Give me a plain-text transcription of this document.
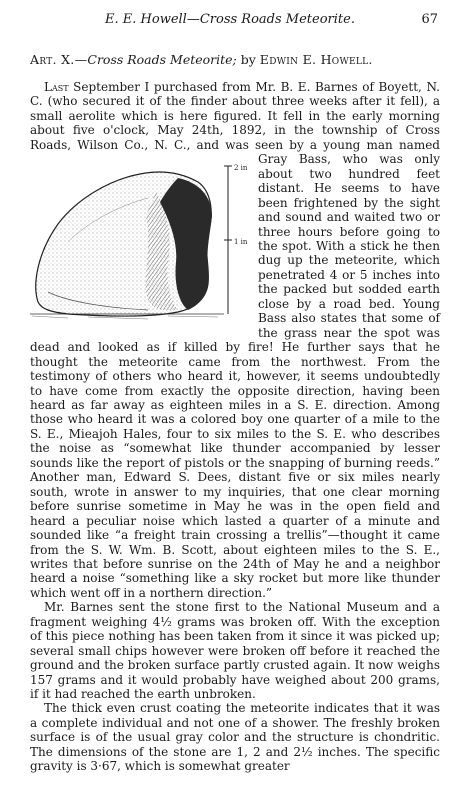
E. E. Howell—Cross Roads Meteorite.	67
Art. X.—Cross Roads Meteorite; by Edwin E. Howell.

Last September I purchased from Mr. B. E. Barnes of Boyett, N. C. (who secured it of the finder about three weeks after it fell), a small aerolite which is here figured. It fell in the early morning about five o'clock, May 24th, 1892, in the township of Cross Roads, Wilson Co., N. C., and was seen by
2 in
1 in
a young man named Gray Bass, who was only about two hundred feet distant. He seems to have been frightened by the sight and sound and waited two or three hours before going to the spot. With a stick he then dug up the meteorite, which penetrated 4 or 5 inches into the packed but sodded earth close by a road bed. Young Bass also states that some of the grass near the spot was dead and looked as if killed by fire! He further says that he thought the meteorite came from the northwest. From the testimony of others who heard it, however, it seems undoubtedly to have come from exactly the opposite direction, having been heard as far away as eighteen miles in a S. E. direction. Among those who heard it was a colored boy one quarter of a mile to the S. E., Mieajoh Hales, four to six miles to the S. E. who describes the noise as “somewhat like thunder accompanied by lesser sounds like the report of pistols or the snapping of burning reeds.” Another man, Edward S. Dees, distant five or six miles nearly south, wrote in answer to my inquiries, that one clear morning before sunrise sometime in May he was in the open field and heard a peculiar noise which lasted a quarter of a minute and sounded like “a freight train crossing a trellis”—thought it came from the S. W. Wm. B. Scott, about eighteen miles to the S. E., writes that before sunrise on the 24th of May he and a neighbor heard a noise “something like a sky rocket but more like thunder which went off in a northern direction.”

Mr. Barnes sent the stone first to the National Museum and a fragment weighing 4½ grams was broken off. With the exception of this piece nothing has been taken from it since it was picked up; several small chips however were broken off before it reached the ground and the broken surface partly crusted again. It now weighs 157 grams and it would probably have weighed about 200 grams, if it had reached the earth unbroken.

The thick even crust coating the meteorite indicates that it was a complete individual and not one of a shower. The freshly broken surface is of the usual gray color and the structure is chondritic. The dimensions of the stone are 1, 2 and 2½ inches. The specific gravity is 3·67, which is somewhat greater
